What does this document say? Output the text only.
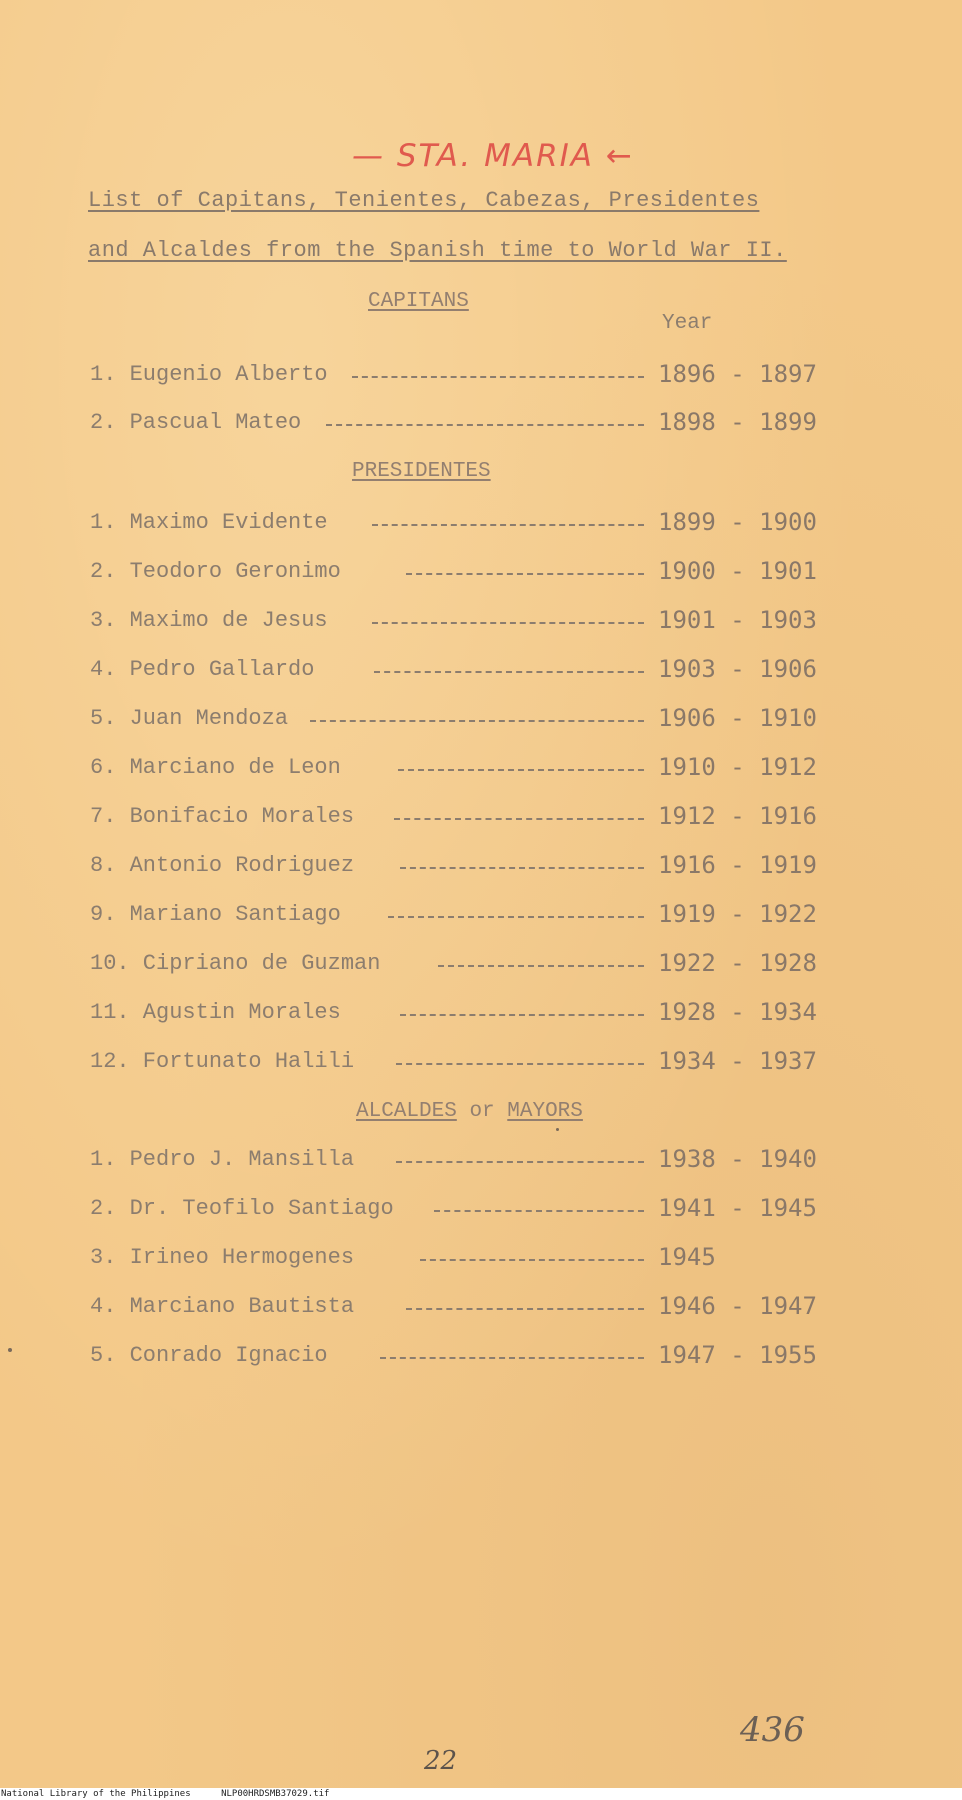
— STA. MARIA ←
List of Capitans, Tenientes, Cabezas, Presidentes
and Alcaldes from the Spanish time to World War II.
CAPITANS
Year
1. Eugenio Alberto	1896 - 1897
2. Pascual Mateo	1898 - 1899
PRESIDENTES
1. Maximo Evidente	1899 - 1900
2. Teodoro Geronimo	1900 - 1901
3. Maximo de Jesus	1901 - 1903
4. Pedro Gallardo	1903 - 1906
5. Juan Mendoza	1906 - 1910
6. Marciano de Leon	1910 - 1912
7. Bonifacio Morales	1912 - 1916
8. Antonio Rodriguez	1916 - 1919
9. Mariano Santiago	1919 - 1922
10. Cipriano de Guzman	1922 - 1928
11. Agustin Morales	1928 - 1934
12. Fortunato Halili	1934 - 1937
ALCALDES or MAYORS
1. Pedro J. Mansilla	1938 - 1940
2. Dr. Teofilo Santiago	1941 - 1945
3. Irineo Hermogenes	1945
4. Marciano Bautista	1946 - 1947
5. Conrado Ignacio	1947 - 1955
436
22
National Library of the Philippines	NLP00HRDSMB37029.tif
